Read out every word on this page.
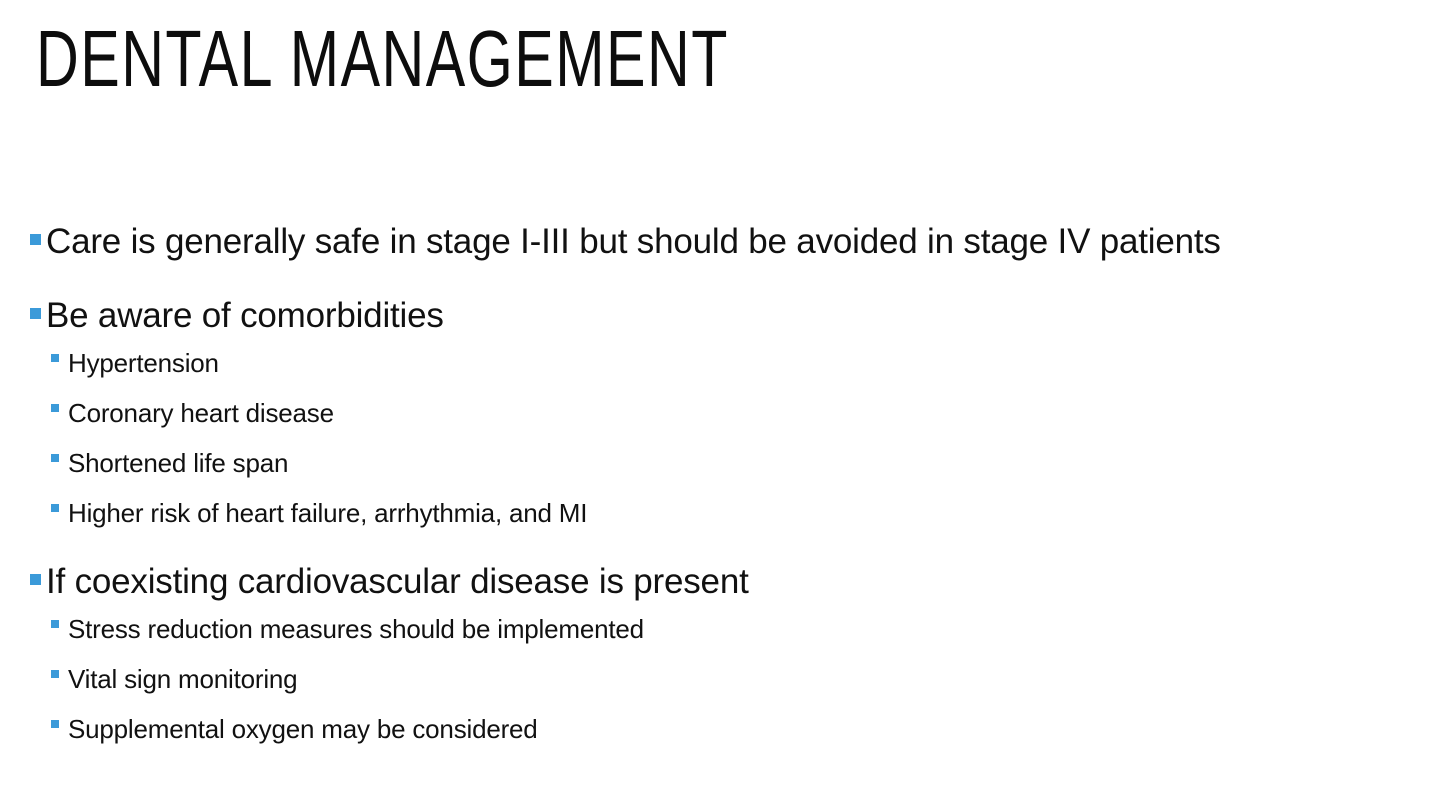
DENTAL MANAGEMENT
Care is generally safe in stage I-III but should be avoided in stage IV patients
Be aware of comorbidities
Hypertension
Coronary heart disease
Shortened life span
Higher risk of heart failure, arrhythmia, and MI
If coexisting cardiovascular disease is present
Stress reduction measures should be implemented
Vital sign monitoring
Supplemental oxygen may be considered
